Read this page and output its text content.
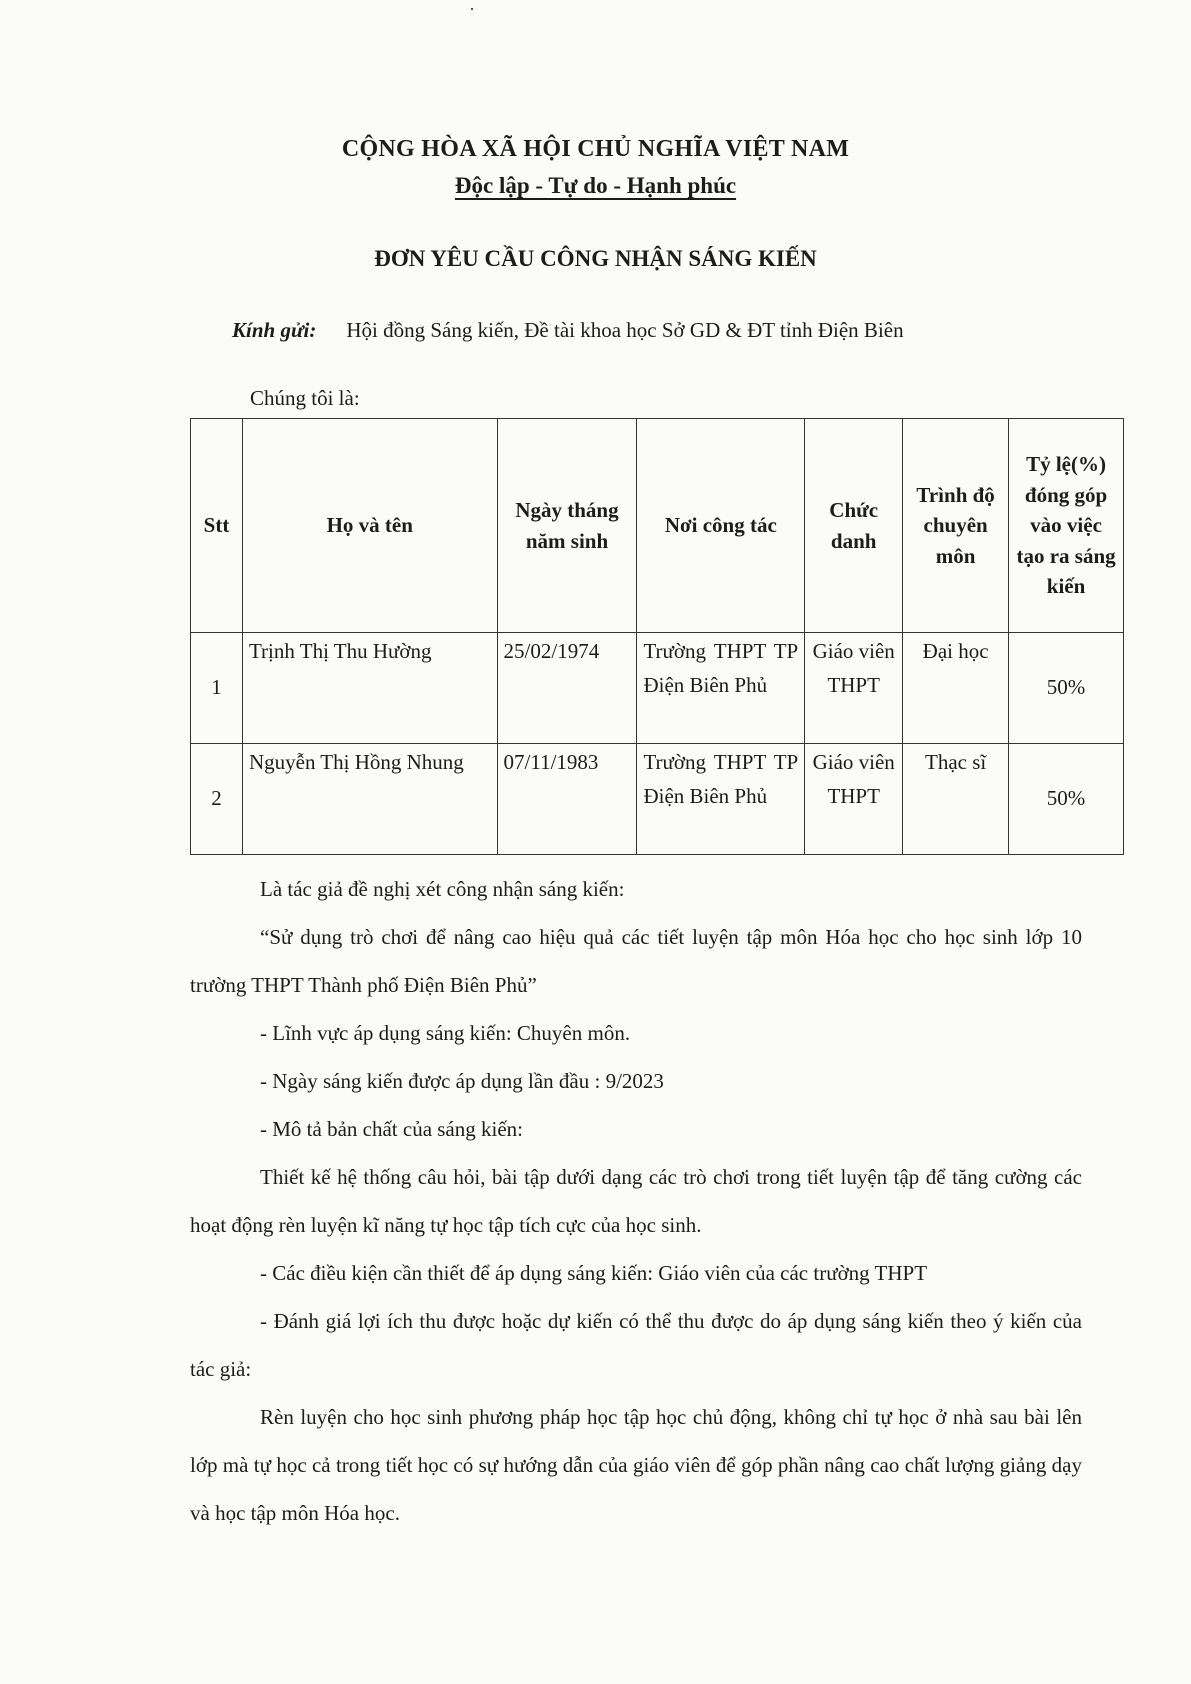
CỘNG HÒA XÃ HỘI CHỦ NGHĨA VIỆT NAM
Độc lập - Tự do - Hạnh phúc
ĐƠN YÊU CẦU CÔNG NHẬN SÁNG KIẾN
Kính gửi: Hội đồng Sáng kiến, Đề tài khoa học Sở GD & ĐT tỉnh Điện Biên
Chúng tôi là:
Stt	Họ và tên	Ngày tháng năm sinh	Nơi công tác	Chức danh	Trình độ chuyên môn	Tỷ lệ(%) đóng góp vào việc tạo ra sáng kiến
1	Trịnh Thị Thu Hường	25/02/1974	Trường THPT TP Điện Biên Phủ	Giáo viên THPT	Đại học	50%
2	Nguyễn Thị Hồng Nhung	07/11/1983	Trường THPT TP Điện Biên Phủ	Giáo viên THPT	Thạc sĩ	50%

Là tác giả đề nghị xét công nhận sáng kiến:

“Sử dụng trò chơi để nâng cao hiệu quả các tiết luyện tập môn Hóa học cho học sinh lớp 10 trường THPT Thành phố Điện Biên Phủ”

- Lĩnh vực áp dụng sáng kiến: Chuyên môn.

- Ngày sáng kiến được áp dụng lần đầu : 9/2023

- Mô tả bản chất của sáng kiến:

Thiết kế hệ thống câu hỏi, bài tập dưới dạng các trò chơi trong tiết luyện tập để tăng cường các hoạt động rèn luyện kĩ năng tự học tập tích cực của học sinh.

- Các điều kiện cần thiết để áp dụng sáng kiến: Giáo viên của các trường THPT

- Đánh giá lợi ích thu được hoặc dự kiến có thể thu được do áp dụng sáng kiến theo ý kiến của tác giả:

Rèn luyện cho học sinh phương pháp học tập học chủ động, không chỉ tự học ở nhà sau bài lên lớp mà tự học cả trong tiết học có sự hướng dẫn của giáo viên để góp phần nâng cao chất lượng giảng dạy và học tập môn Hóa học.
